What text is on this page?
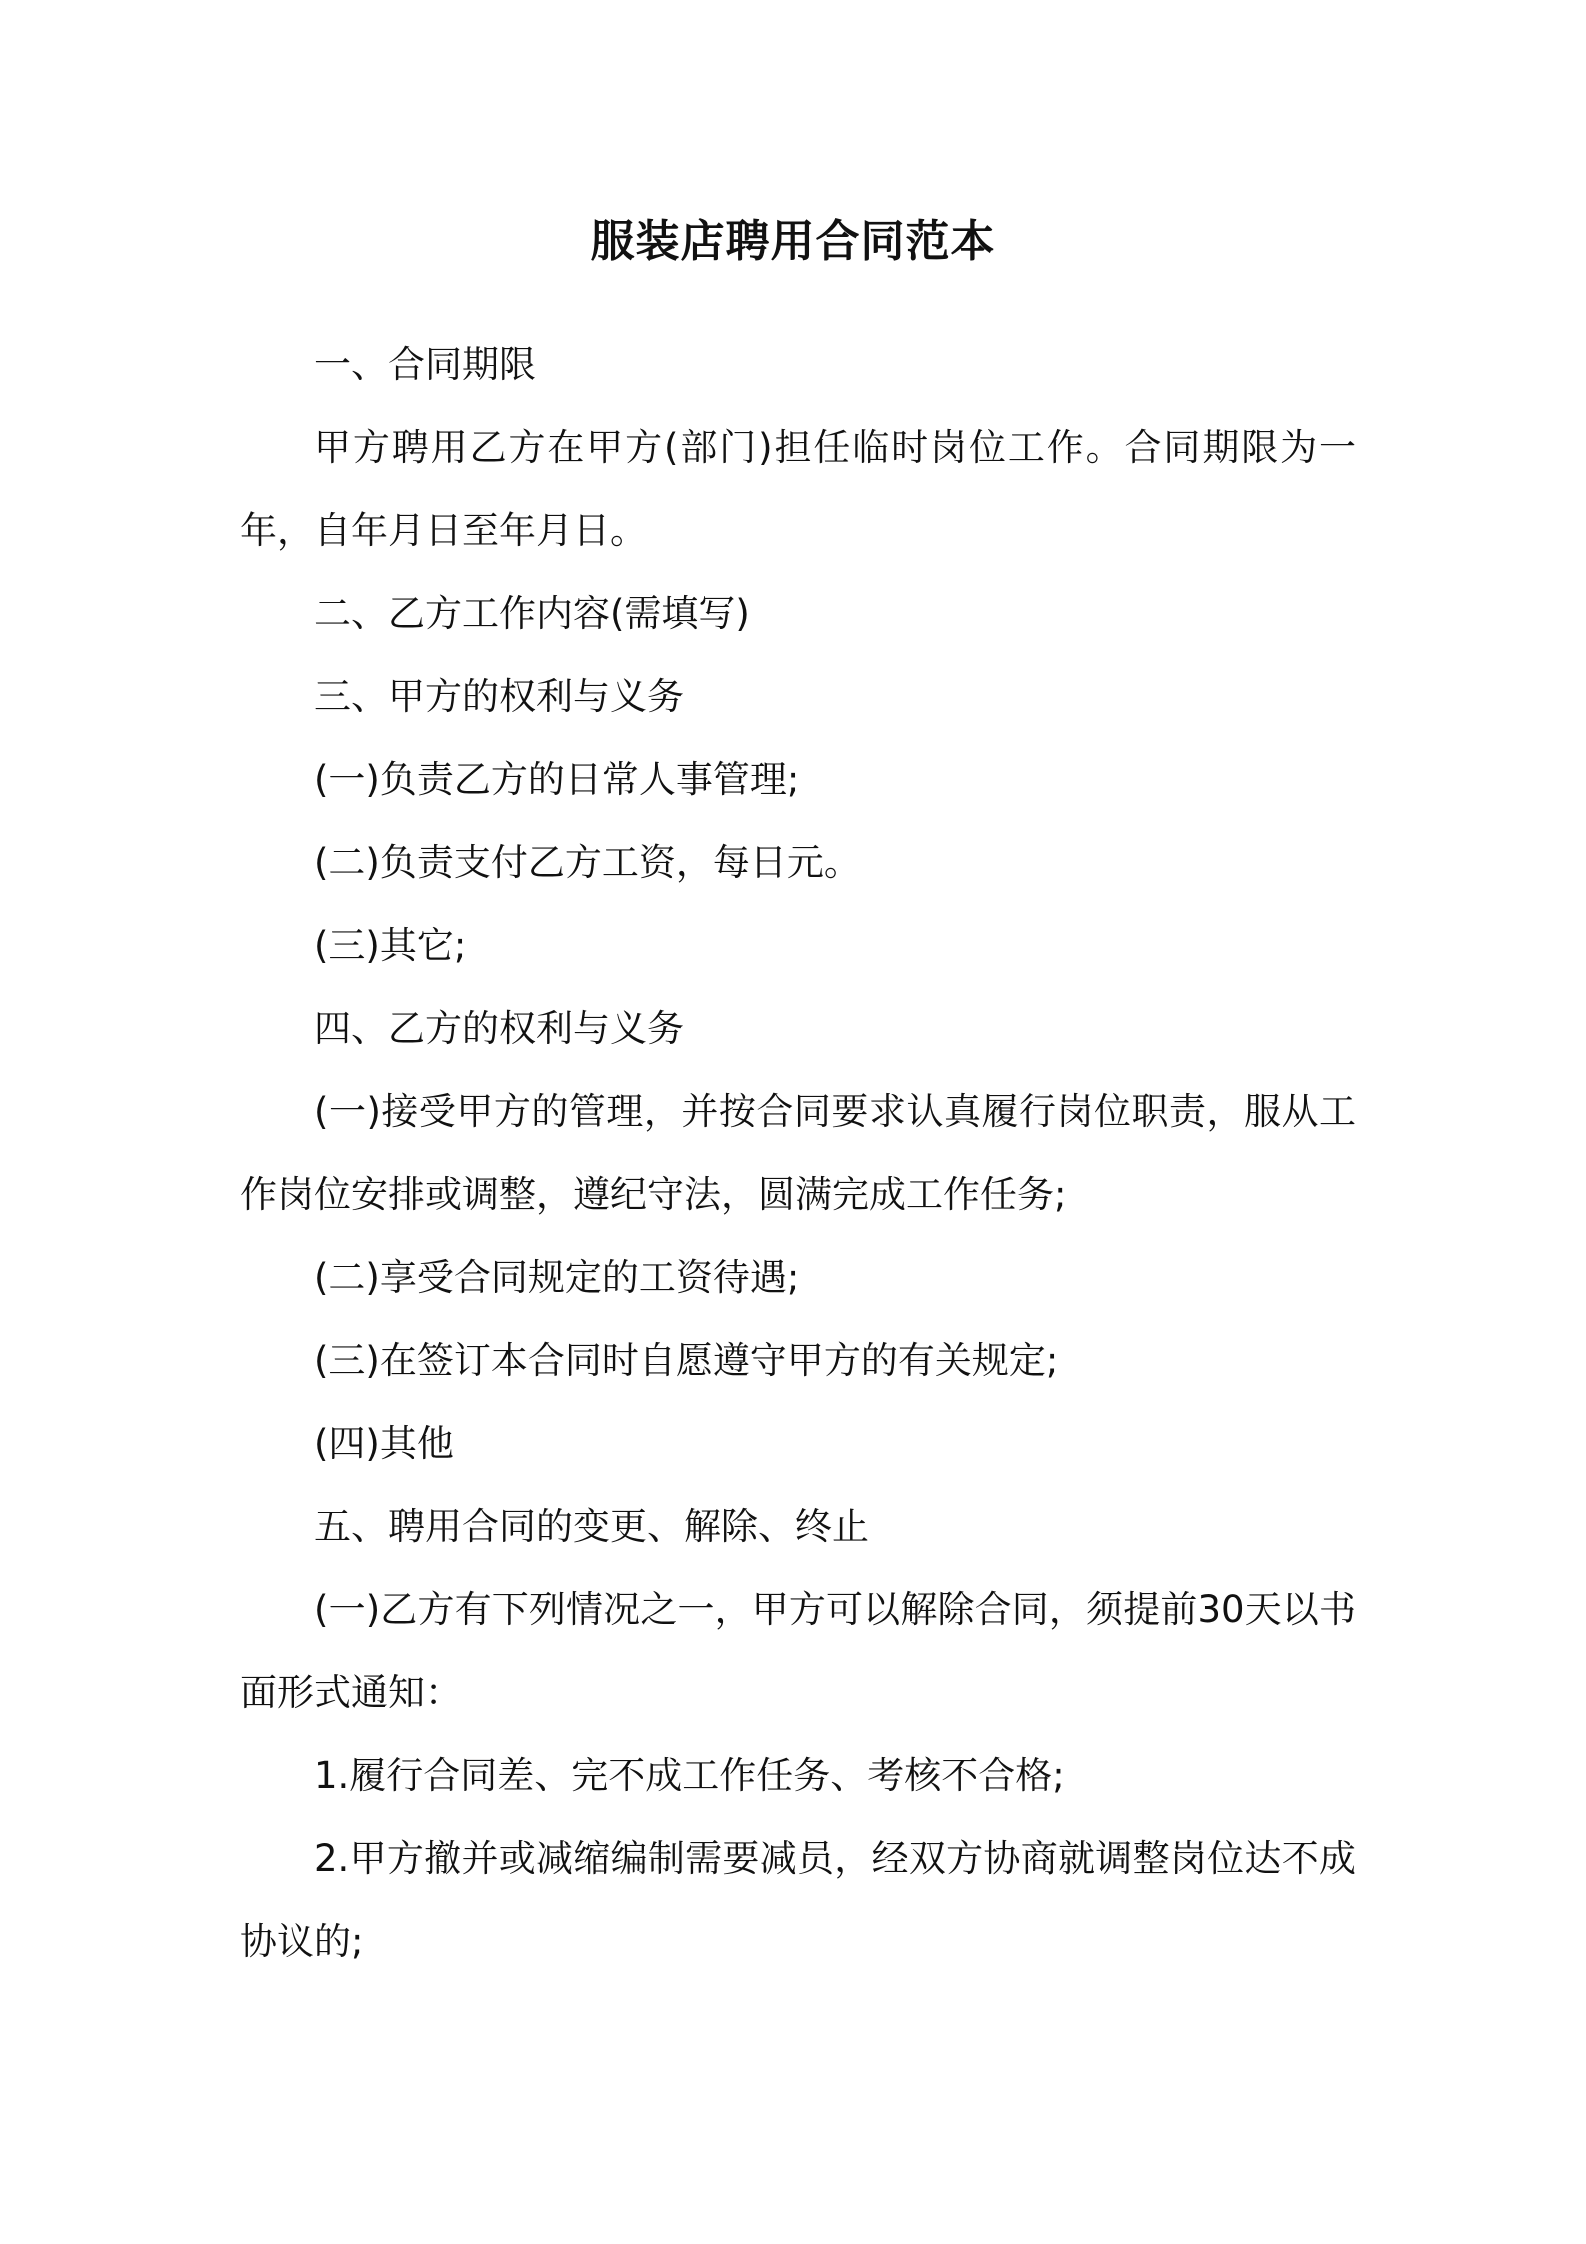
服装店聘用合同范本

一、合同期限

甲方聘用乙方在甲方(部门)担任临时岗位工作。合同期限为一年，自年月日至年月日。

二、乙方工作内容(需填写)

三、甲方的权利与义务

(一)负责乙方的日常人事管理;

(二)负责支付乙方工资，每日元。

(三)其它;

四、乙方的权利与义务

(一)接受甲方的管理，并按合同要求认真履行岗位职责，服从工作岗位安排或调整，遵纪守法，圆满完成工作任务;

(二)享受合同规定的工资待遇;

(三)在签订本合同时自愿遵守甲方的有关规定;

(四)其他

五、聘用合同的变更、解除、终止

(一)乙方有下列情况之一，甲方可以解除合同，须提前30天以书面形式通知：

1.履行合同差、完不成工作任务、考核不合格;

2.甲方撤并或减缩编制需要减员，经双方协商就调整岗位达不成协议的;
